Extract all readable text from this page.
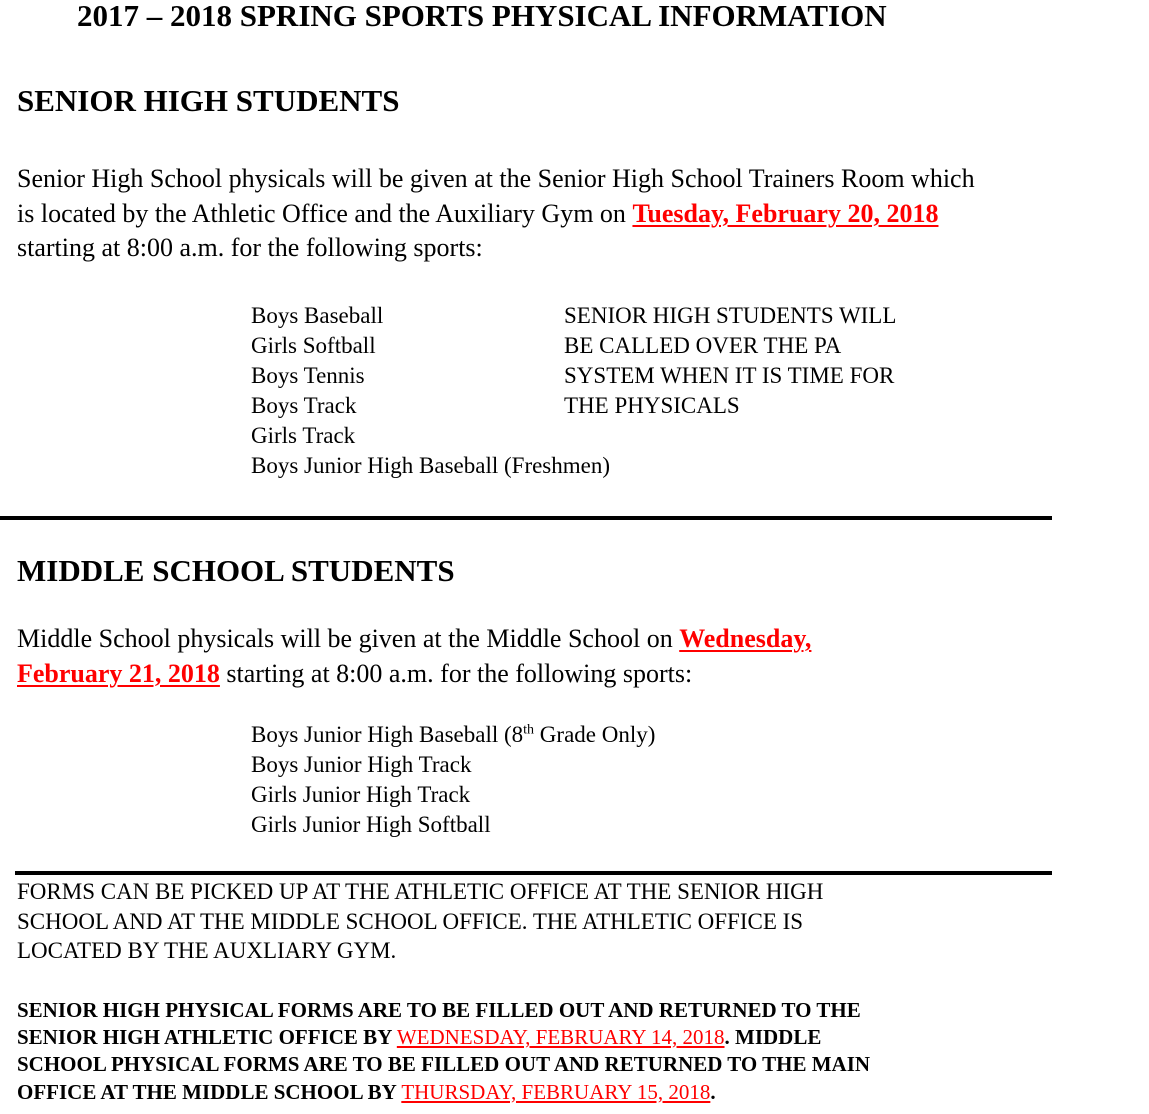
2017 – 2018 SPRING SPORTS PHYSICAL INFORMATION
SENIOR HIGH STUDENTS
Senior High School physicals will be given at the Senior High School Trainers Room which
is located by the Athletic Office and the Auxiliary Gym on Tuesday, February 20, 2018
starting at 8:00 a.m. for the following sports:
Boys Baseball
Girls Softball
Boys Tennis
Boys Track
Girls Track
Boys Junior High Baseball (Freshmen)
SENIOR HIGH STUDENTS WILL
BE CALLED OVER THE PA
SYSTEM WHEN IT IS TIME FOR
THE PHYSICALS
MIDDLE SCHOOL STUDENTS
Middle School physicals will be given at the Middle School on Wednesday,
February 21, 2018 starting at 8:00 a.m. for the following sports:
Boys Junior High Baseball (8th Grade Only)
Boys Junior High Track
Girls Junior High Track
Girls Junior High Softball
FORMS CAN BE PICKED UP AT THE ATHLETIC OFFICE AT THE SENIOR HIGH
SCHOOL AND AT THE MIDDLE SCHOOL OFFICE. THE ATHLETIC OFFICE IS
LOCATED BY THE AUXLIARY GYM.
SENIOR HIGH PHYSICAL FORMS ARE TO BE FILLED OUT AND RETURNED TO THE
SENIOR HIGH ATHLETIC OFFICE BY WEDNESDAY, FEBRUARY 14, 2018. MIDDLE
SCHOOL PHYSICAL FORMS ARE TO BE FILLED OUT AND RETURNED TO THE MAIN
OFFICE AT THE MIDDLE SCHOOL BY THURSDAY, FEBRUARY 15, 2018.
